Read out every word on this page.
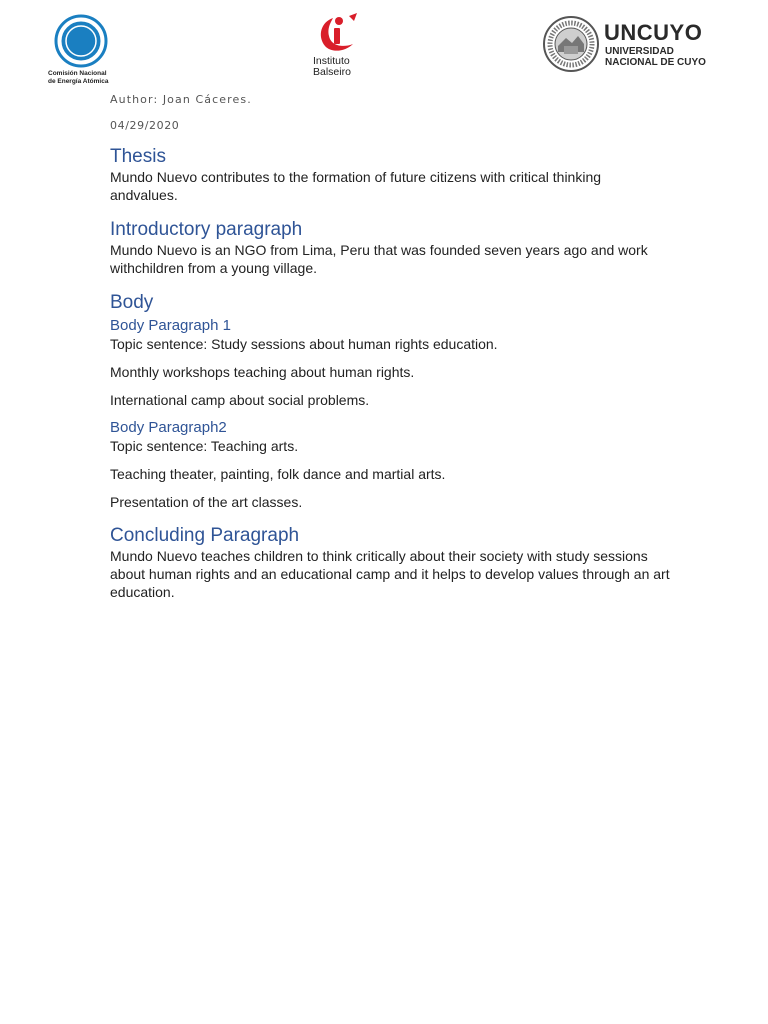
Comisión Nacional
de Energía Atómica
Instituto
Balseiro
UNCUYO
UNIVERSIDAD
NACIONAL DE CUYO

Author: Joan Cáceres.

04/29/2020

Thesis

Mundo Nuevo contributes to the formation of future citizens with critical thinking andvalues.

Introductory paragraph

Mundo Nuevo is an NGO from Lima, Peru that was founded seven years ago and work withchildren from a young village.

Body
Body Paragraph 1

Topic sentence: Study sessions about human rights education.

Monthly workshops teaching about human rights.

International camp about social problems.

Body Paragraph2

Topic sentence: Teaching arts.

Teaching theater, painting, folk dance and martial arts.

Presentation of the art classes.

Concluding Paragraph

Mundo Nuevo teaches children to think critically about their society with study sessions about human rights and an educational camp and it helps to develop values through an art education.
